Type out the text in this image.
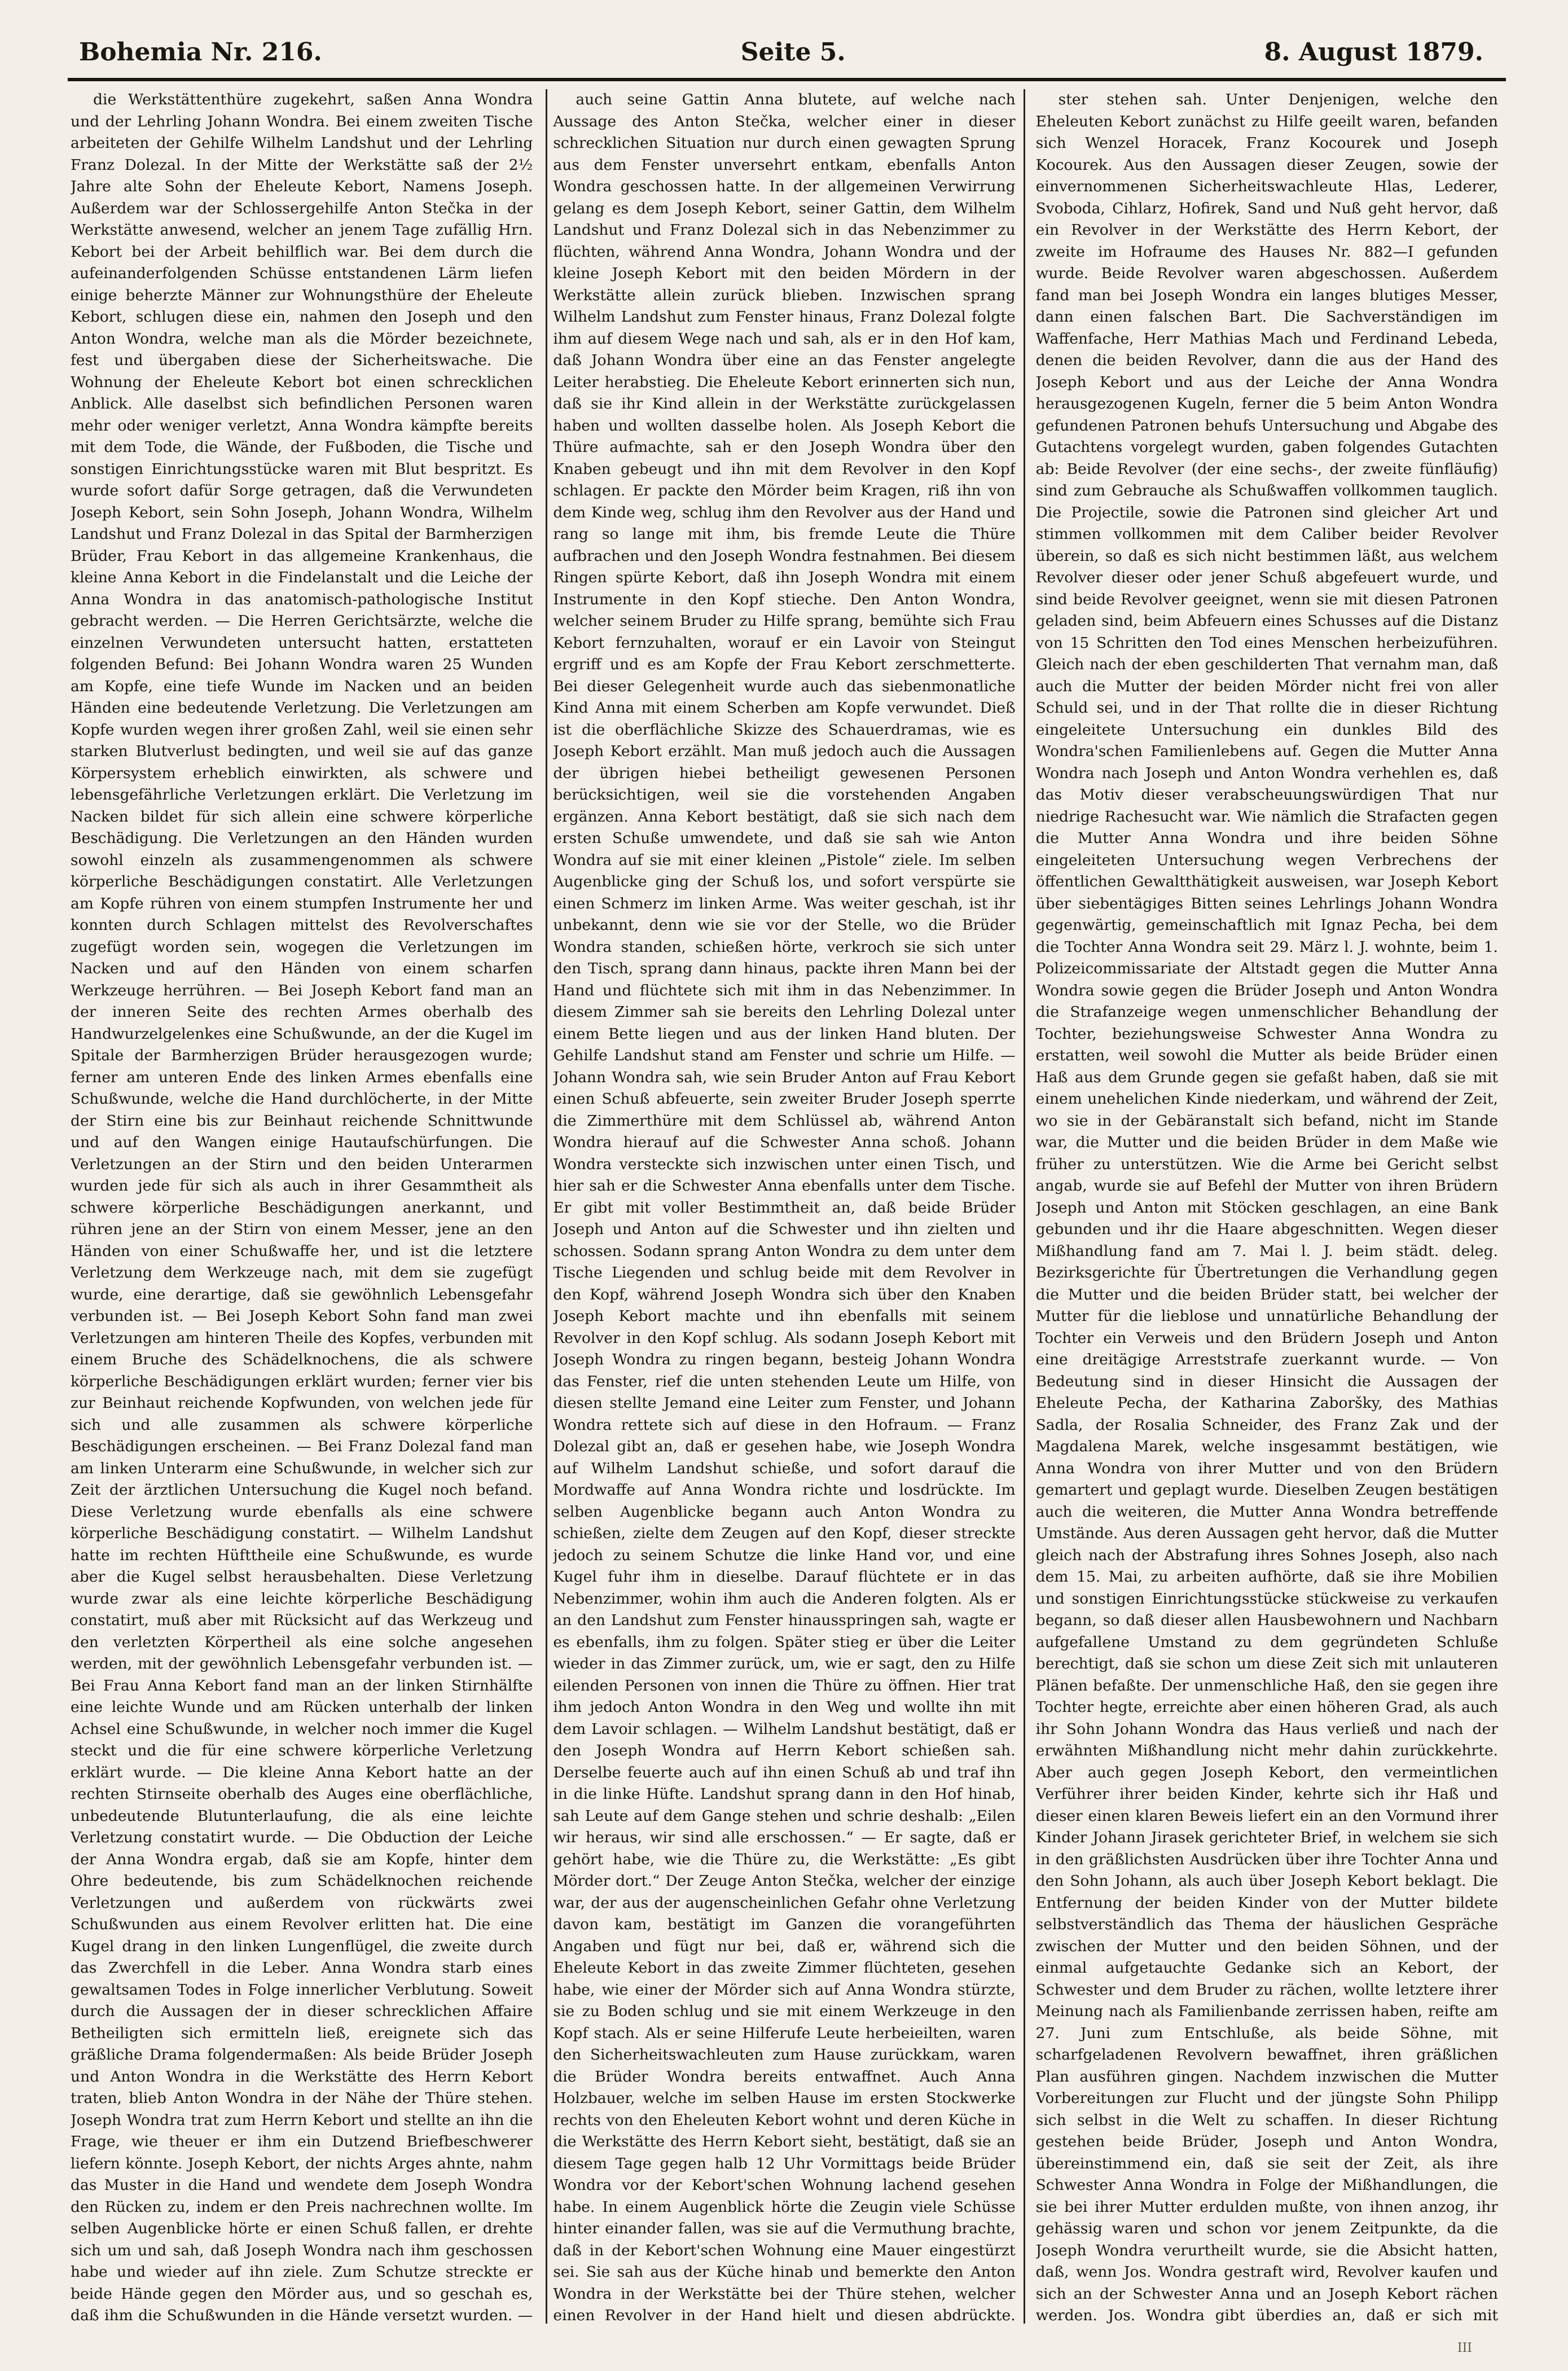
Bohemia Nr. 216.	Seite 5.	8. August 1879.

die Werkstättenthüre zugekehrt, saßen Anna Wondra und der Lehrling Johann Wondra. Bei einem zweiten Tische arbeiteten der Gehilfe Wilhelm Landshut und der Lehrling Franz Dolezal. In der Mitte der Werkstätte saß der 2½ Jahre alte Sohn der Eheleute Kebort, Namens Joseph. Außerdem war der Schlossergehilfe Anton Stečka in der Werkstätte anwesend, welcher an jenem Tage zufällig Hrn. Kebort bei der Arbeit behilflich war. Bei dem durch die aufeinanderfolgenden Schüsse entstandenen Lärm liefen einige beherzte Männer zur Wohnungsthüre der Eheleute Kebort, schlugen diese ein, nahmen den Joseph und den Anton Wondra, welche man als die Mörder bezeichnete, fest und übergaben diese der Sicherheitswache. Die Wohnung der Eheleute Kebort bot einen schrecklichen Anblick. Alle daselbst sich befindlichen Personen waren mehr oder weniger verletzt, Anna Wondra kämpfte bereits mit dem Tode, die Wände, der Fußboden, die Tische und sonstigen Einrichtungsstücke waren mit Blut bespritzt. Es wurde sofort dafür Sorge getragen, daß die Verwundeten Joseph Kebort, sein Sohn Joseph, Johann Wondra, Wilhelm Landshut und Franz Dolezal in das Spital der Barmherzigen Brüder, Frau Kebort in das allgemeine Krankenhaus, die kleine Anna Kebort in die Findelanstalt und die Leiche der Anna Wondra in das anatomisch-pathologische Institut gebracht werden. — Die Herren Gerichtsärzte, welche die einzelnen Verwundeten untersucht hatten, erstatteten folgenden Befund: Bei Johann Wondra waren 25 Wunden am Kopfe, eine tiefe Wunde im Nacken und an beiden Händen eine bedeutende Verletzung. Die Verletzungen am Kopfe wurden wegen ihrer großen Zahl, weil sie einen sehr starken Blutverlust bedingten, und weil sie auf das ganze Körpersystem erheblich einwirkten, als schwere und lebensgefährliche Verletzungen erklärt. Die Verletzung im Nacken bildet für sich allein eine schwere körperliche Beschädigung. Die Verletzungen an den Händen wurden sowohl einzeln als zusammengenommen als schwere körperliche Beschädigungen constatirt. Alle Verletzungen am Kopfe rühren von einem stumpfen Instrumente her und konnten durch Schlagen mittelst des Revolverschaftes zugefügt worden sein, wogegen die Verletzungen im Nacken und auf den Händen von einem scharfen Werkzeuge herrühren. — Bei Joseph Kebort fand man an der inneren Seite des rechten Armes oberhalb des Handwurzelgelenkes eine Schußwunde, an der die Kugel im Spitale der Barmherzigen Brüder herausgezogen wurde; ferner am unteren Ende des linken Armes ebenfalls eine Schußwunde, welche die Hand durchlöcherte, in der Mitte der Stirn eine bis zur Beinhaut reichende Schnittwunde und auf den Wangen einige Hautaufschürfungen. Die Verletzungen an der Stirn und den beiden Unterarmen wurden jede für sich als auch in ihrer Gesammtheit als schwere körperliche Beschädigungen anerkannt, und rühren jene an der Stirn von einem Messer, jene an den Händen von einer Schußwaffe her, und ist die letztere Verletzung dem Werkzeuge nach, mit dem sie zugefügt wurde, eine derartige, daß sie gewöhnlich Lebensgefahr verbunden ist. — Bei Joseph Kebort Sohn fand man zwei Verletzungen am hinteren Theile des Kopfes, verbunden mit einem Bruche des Schädelknochens, die als schwere körperliche Beschädigungen erklärt wurden; ferner vier bis zur Beinhaut reichende Kopfwunden, von welchen jede für sich und alle zusammen als schwere körperliche Beschädigungen erscheinen. — Bei Franz Dolezal fand man am linken Unterarm eine Schußwunde, in welcher sich zur Zeit der ärztlichen Untersuchung die Kugel noch befand. Diese Verletzung wurde ebenfalls als eine schwere körperliche Beschädigung constatirt. — Wilhelm Landshut hatte im rechten Hüfttheile eine Schußwunde, es wurde aber die Kugel selbst herausbehalten. Diese Verletzung wurde zwar als eine leichte körperliche Beschädigung constatirt, muß aber mit Rücksicht auf das Werkzeug und den verletzten Körpertheil als eine solche angesehen werden, mit der gewöhnlich Lebensgefahr verbunden ist. — Bei Frau Anna Kebort fand man an der linken Stirnhälfte eine leichte Wunde und am Rücken unterhalb der linken Achsel eine Schußwunde, in welcher noch immer die Kugel steckt und die für eine schwere körperliche Verletzung erklärt wurde. — Die kleine Anna Kebort hatte an der rechten Stirnseite oberhalb des Auges eine oberflächliche, unbedeutende Blutunterlaufung, die als eine leichte Verletzung constatirt wurde. — Die Obduction der Leiche der Anna Wondra ergab, daß sie am Kopfe, hinter dem Ohre bedeutende, bis zum Schädelknochen reichende Verletzungen und außerdem von rückwärts zwei Schußwunden aus einem Revolver erlitten hat. Die eine Kugel drang in den linken Lungenflügel, die zweite durch das Zwerchfell in die Leber. Anna Wondra starb eines gewaltsamen Todes in Folge innerlicher Verblutung. Soweit durch die Aussagen der in dieser schrecklichen Affaire Betheiligten sich ermitteln ließ, ereignete sich das gräßliche Drama folgendermaßen: Als beide Brüder Joseph und Anton Wondra in die Werkstätte des Herrn Kebort traten, blieb Anton Wondra in der Nähe der Thüre stehen. Joseph Wondra trat zum Herrn Kebort und stellte an ihn die Frage, wie theuer er ihm ein Dutzend Briefbeschwerer liefern könnte. Joseph Kebort, der nichts Arges ahnte, nahm das Muster in die Hand und wendete dem Joseph Wondra den Rücken zu, indem er den Preis nachrechnen wollte. Im selben Augenblicke hörte er einen Schuß fallen, er drehte sich um und sah, daß Joseph Wondra nach ihm geschossen habe und wieder auf ihn ziele. Zum Schutze streckte er beide Hände gegen den Mörder aus, und so geschah es, daß ihm die Schußwunden in die Hände versetzt wurden. —

auch seine Gattin Anna blutete, auf welche nach Aussage des Anton Stečka, welcher einer in dieser schrecklichen Situation nur durch einen gewagten Sprung aus dem Fenster unversehrt entkam, ebenfalls Anton Wondra geschossen hatte. In der allgemeinen Verwirrung gelang es dem Joseph Kebort, seiner Gattin, dem Wilhelm Landshut und Franz Dolezal sich in das Nebenzimmer zu flüchten, während Anna Wondra, Johann Wondra und der kleine Joseph Kebort mit den beiden Mördern in der Werkstätte allein zurück blieben. Inzwischen sprang Wilhelm Landshut zum Fenster hinaus, Franz Dolezal folgte ihm auf diesem Wege nach und sah, als er in den Hof kam, daß Johann Wondra über eine an das Fenster angelegte Leiter herabstieg. Die Eheleute Kebort erinnerten sich nun, daß sie ihr Kind allein in der Werkstätte zurückgelassen haben und wollten dasselbe holen. Als Joseph Kebort die Thüre aufmachte, sah er den Joseph Wondra über den Knaben gebeugt und ihn mit dem Revolver in den Kopf schlagen. Er packte den Mörder beim Kragen, riß ihn von dem Kinde weg, schlug ihm den Revolver aus der Hand und rang so lange mit ihm, bis fremde Leute die Thüre aufbrachen und den Joseph Wondra festnahmen. Bei diesem Ringen spürte Kebort, daß ihn Joseph Wondra mit einem Instrumente in den Kopf stieche. Den Anton Wondra, welcher seinem Bruder zu Hilfe sprang, bemühte sich Frau Kebort fernzuhalten, worauf er ein Lavoir von Steingut ergriff und es am Kopfe der Frau Kebort zerschmetterte. Bei dieser Gelegenheit wurde auch das siebenmonatliche Kind Anna mit einem Scherben am Kopfe verwundet. Dieß ist die oberflächliche Skizze des Schauerdramas, wie es Joseph Kebort erzählt. Man muß jedoch auch die Aussagen der übrigen hiebei betheiligt gewesenen Personen berücksichtigen, weil sie die vorstehenden Angaben ergänzen. Anna Kebort bestätigt, daß sie sich nach dem ersten Schuße umwendete, und daß sie sah wie Anton Wondra auf sie mit einer kleinen „Pistole“ ziele. Im selben Augenblicke ging der Schuß los, und sofort verspürte sie einen Schmerz im linken Arme. Was weiter geschah, ist ihr unbekannt, denn wie sie vor der Stelle, wo die Brüder Wondra standen, schießen hörte, verkroch sie sich unter den Tisch, sprang dann hinaus, packte ihren Mann bei der Hand und flüchtete sich mit ihm in das Nebenzimmer. In diesem Zimmer sah sie bereits den Lehrling Dolezal unter einem Bette liegen und aus der linken Hand bluten. Der Gehilfe Landshut stand am Fenster und schrie um Hilfe. — Johann Wondra sah, wie sein Bruder Anton auf Frau Kebort einen Schuß abfeuerte, sein zweiter Bruder Joseph sperrte die Zimmerthüre mit dem Schlüssel ab, während Anton Wondra hierauf auf die Schwester Anna schoß. Johann Wondra versteckte sich inzwischen unter einen Tisch, und hier sah er die Schwester Anna ebenfalls unter dem Tische. Er gibt mit voller Bestimmtheit an, daß beide Brüder Joseph und Anton auf die Schwester und ihn zielten und schossen. Sodann sprang Anton Wondra zu dem unter dem Tische Liegenden und schlug beide mit dem Revolver in den Kopf, während Joseph Wondra sich über den Knaben Joseph Kebort machte und ihn ebenfalls mit seinem Revolver in den Kopf schlug. Als sodann Joseph Kebort mit Joseph Wondra zu ringen begann, besteig Johann Wondra das Fenster, rief die unten stehenden Leute um Hilfe, von diesen stellte Jemand eine Leiter zum Fenster, und Johann Wondra rettete sich auf diese in den Hofraum. — Franz Dolezal gibt an, daß er gesehen habe, wie Joseph Wondra auf Wilhelm Landshut schieße, und sofort darauf die Mordwaffe auf Anna Wondra richte und losdrückte. Im selben Augenblicke begann auch Anton Wondra zu schießen, zielte dem Zeugen auf den Kopf, dieser streckte jedoch zu seinem Schutze die linke Hand vor, und eine Kugel fuhr ihm in dieselbe. Darauf flüchtete er in das Nebenzimmer, wohin ihm auch die Anderen folgten. Als er an den Landshut zum Fenster hinausspringen sah, wagte er es ebenfalls, ihm zu folgen. Später stieg er über die Leiter wieder in das Zimmer zurück, um, wie er sagt, den zu Hilfe eilenden Personen von innen die Thüre zu öffnen. Hier trat ihm jedoch Anton Wondra in den Weg und wollte ihn mit dem Lavoir schlagen. — Wilhelm Landshut bestätigt, daß er den Joseph Wondra auf Herrn Kebort schießen sah. Derselbe feuerte auch auf ihn einen Schuß ab und traf ihn in die linke Hüfte. Landshut sprang dann in den Hof hinab, sah Leute auf dem Gange stehen und schrie deshalb: „Eilen wir heraus, wir sind alle erschossen.“ — Er sagte, daß er gehört habe, wie die Thüre zu, die Werkstätte: „Es gibt Mörder dort.“ Der Zeuge Anton Stečka, welcher der einzige war, der aus der augenscheinlichen Gefahr ohne Verletzung davon kam, bestätigt im Ganzen die vorangeführten Angaben und fügt nur bei, daß er, während sich die Eheleute Kebort in das zweite Zimmer flüchteten, gesehen habe, wie einer der Mörder sich auf Anna Wondra stürzte, sie zu Boden schlug und sie mit einem Werkzeuge in den Kopf stach. Als er seine Hilferufe Leute herbeieilten, waren den Sicherheitswachleuten zum Hause zurückkam, waren die Brüder Wondra bereits entwaffnet. Auch Anna Holzbauer, welche im selben Hause im ersten Stockwerke rechts von den Eheleuten Kebort wohnt und deren Küche in die Werkstätte des Herrn Kebort sieht, bestätigt, daß sie an diesem Tage gegen halb 12 Uhr Vormittags beide Brüder Wondra vor der Kebort'schen Wohnung lachend gesehen habe. In einem Augenblick hörte die Zeugin viele Schüsse hinter einander fallen, was sie auf die Vermuthung brachte, daß in der Kebort'schen Wohnung eine Mauer eingestürzt sei. Sie sah aus der Küche hinab und bemerkte den Anton Wondra in der Werkstätte bei der Thüre stehen, welcher einen Revolver in der Hand hielt und diesen abdrückte.

ster stehen sah. Unter Denjenigen, welche den Eheleuten Kebort zunächst zu Hilfe geeilt waren, befanden sich Wenzel Horacek, Franz Kocourek und Joseph Kocourek. Aus den Aussagen dieser Zeugen, sowie der einvernommenen Sicherheitswachleute Hlas, Lederer, Svoboda, Cihlarz, Hofirek, Sand und Nuß geht hervor, daß ein Revolver in der Werkstätte des Herrn Kebort, der zweite im Hofraume des Hauses Nr. 882—I gefunden wurde. Beide Revolver waren abgeschossen. Außerdem fand man bei Joseph Wondra ein langes blutiges Messer, dann einen falschen Bart. Die Sachverständigen im Waffenfache, Herr Mathias Mach und Ferdinand Lebeda, denen die beiden Revolver, dann die aus der Hand des Joseph Kebort und aus der Leiche der Anna Wondra herausgezogenen Kugeln, ferner die 5 beim Anton Wondra gefundenen Patronen behufs Untersuchung und Abgabe des Gutachtens vorgelegt wurden, gaben folgendes Gutachten ab: Beide Revolver (der eine sechs-, der zweite fünfläufig) sind zum Gebrauche als Schußwaffen vollkommen tauglich. Die Projectile, sowie die Patronen sind gleicher Art und stimmen vollkommen mit dem Caliber beider Revolver überein, so daß es sich nicht bestimmen läßt, aus welchem Revolver dieser oder jener Schuß abgefeuert wurde, und sind beide Revolver geeignet, wenn sie mit diesen Patronen geladen sind, beim Abfeuern eines Schusses auf die Distanz von 15 Schritten den Tod eines Menschen herbeizuführen. Gleich nach der eben geschilderten That vernahm man, daß auch die Mutter der beiden Mörder nicht frei von aller Schuld sei, und in der That rollte die in dieser Richtung eingeleitete Untersuchung ein dunkles Bild des Wondra'schen Familienlebens auf. Gegen die Mutter Anna Wondra nach Joseph und Anton Wondra verhehlen es, daß das Motiv dieser verabscheuungswürdigen That nur niedrige Rachesucht war. Wie nämlich die Strafacten gegen die Mutter Anna Wondra und ihre beiden Söhne eingeleiteten Untersuchung wegen Verbrechens der öffentlichen Gewaltthätigkeit ausweisen, war Joseph Kebort über siebentägiges Bitten seines Lehrlings Johann Wondra gegenwärtig, gemeinschaftlich mit Ignaz Pecha, bei dem die Tochter Anna Wondra seit 29. März l. J. wohnte, beim 1. Polizeicommissariate der Altstadt gegen die Mutter Anna Wondra sowie gegen die Brüder Joseph und Anton Wondra die Strafanzeige wegen unmenschlicher Behandlung der Tochter, beziehungsweise Schwester Anna Wondra zu erstatten, weil sowohl die Mutter als beide Brüder einen Haß aus dem Grunde gegen sie gefaßt haben, daß sie mit einem unehelichen Kinde niederkam, und während der Zeit, wo sie in der Gebäranstalt sich befand, nicht im Stande war, die Mutter und die beiden Brüder in dem Maße wie früher zu unterstützen. Wie die Arme bei Gericht selbst angab, wurde sie auf Befehl der Mutter von ihren Brüdern Joseph und Anton mit Stöcken geschlagen, an eine Bank gebunden und ihr die Haare abgeschnitten. Wegen dieser Mißhandlung fand am 7. Mai l. J. beim städt. deleg. Bezirksgerichte für Übertretungen die Verhandlung gegen die Mutter und die beiden Brüder statt, bei welcher der Mutter für die lieblose und unnatürliche Behandlung der Tochter ein Verweis und den Brüdern Joseph und Anton eine dreitägige Arreststrafe zuerkannt wurde. — Von Bedeutung sind in dieser Hinsicht die Aussagen der Eheleute Pecha, der Katharina Zaboršky, des Mathias Sadla, der Rosalia Schneider, des Franz Zak und der Magdalena Marek, welche insgesammt bestätigen, wie Anna Wondra von ihrer Mutter und von den Brüdern gemartert und geplagt wurde. Dieselben Zeugen bestätigen auch die weiteren, die Mutter Anna Wondra betreffende Umstände. Aus deren Aussagen geht hervor, daß die Mutter gleich nach der Abstrafung ihres Sohnes Joseph, also nach dem 15. Mai, zu arbeiten aufhörte, daß sie ihre Mobilien und sonstigen Einrichtungsstücke stückweise zu verkaufen begann, so daß dieser allen Hausbewohnern und Nachbarn aufgefallene Umstand zu dem gegründeten Schluße berechtigt, daß sie schon um diese Zeit sich mit unlauteren Plänen befaßte. Der unmenschliche Haß, den sie gegen ihre Tochter hegte, erreichte aber einen höheren Grad, als auch ihr Sohn Johann Wondra das Haus verließ und nach der erwähnten Mißhandlung nicht mehr dahin zurückkehrte. Aber auch gegen Joseph Kebort, den vermeintlichen Verführer ihrer beiden Kinder, kehrte sich ihr Haß und dieser einen klaren Beweis liefert ein an den Vormund ihrer Kinder Johann Jirasek gerichteter Brief, in welchem sie sich in den gräßlichsten Ausdrücken über ihre Tochter Anna und den Sohn Johann, als auch über Joseph Kebort beklagt. Die Entfernung der beiden Kinder von der Mutter bildete selbstverständlich das Thema der häuslichen Gespräche zwischen der Mutter und den beiden Söhnen, und der einmal aufgetauchte Gedanke sich an Kebort, der Schwester und dem Bruder zu rächen, wollte letztere ihrer Meinung nach als Familienbande zerrissen haben, reifte am 27. Juni zum Entschluße, als beide Söhne, mit scharfgeladenen Revolvern bewaffnet, ihren gräßlichen Plan ausführen gingen. Nachdem inzwischen die Mutter Vorbereitungen zur Flucht und der jüngste Sohn Philipp sich selbst in die Welt zu schaffen. In dieser Richtung gestehen beide Brüder, Joseph und Anton Wondra, übereinstimmend ein, daß sie seit der Zeit, als ihre Schwester Anna Wondra in Folge der Mißhandlungen, die sie bei ihrer Mutter erdulden mußte, von ihnen anzog, ihr gehässig waren und schon vor jenem Zeitpunkte, da die Joseph Wondra verurtheilt wurde, sie die Absicht hatten, daß, wenn Jos. Wondra gestraft wird, Revolver kaufen und sich an der Schwester Anna und an Joseph Kebort rächen werden. Jos. Wondra gibt überdies an, daß er sich mit

III
